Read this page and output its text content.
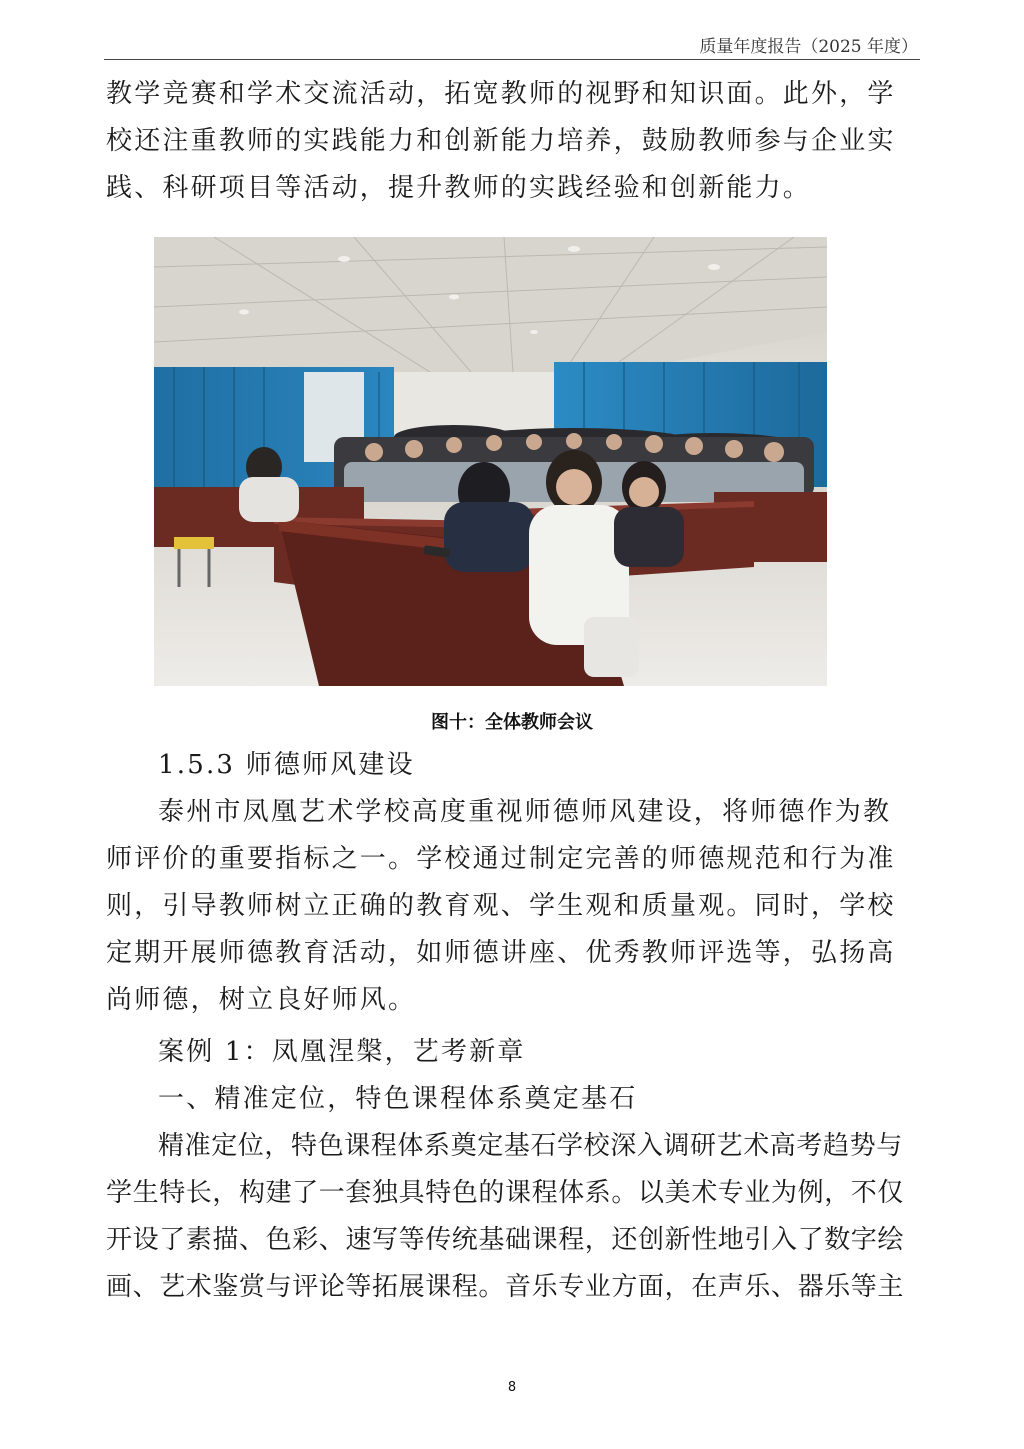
质量年度报告（2025 年度）
教学竞赛和学术交流活动，拓宽教师的视野和知识面。此外，学
校还注重教师的实践能力和创新能力培养，鼓励教师参与企业实
践、科研项目等活动，提升教师的实践经验和创新能力。
图十：全体教师会议
1.5.3 师德师风建设
泰州市凤凰艺术学校高度重视师德师风建设，将师德作为教
师评价的重要指标之一。学校通过制定完善的师德规范和行为准
则，引导教师树立正确的教育观、学生观和质量观。同时，学校
定期开展师德教育活动，如师德讲座、优秀教师评选等，弘扬高
尚师德，树立良好师风。
案例 1：凤凰涅槃，艺考新章
一、精准定位，特色课程体系奠定基石
精准定位，特色课程体系奠定基石学校深入调研艺术高考趋势与
学生特长，构建了一套独具特色的课程体系。以美术专业为例，不仅
开设了素描、色彩、速写等传统基础课程，还创新性地引入了数字绘
画、艺术鉴赏与评论等拓展课程。音乐专业方面，在声乐、器乐等主
8
